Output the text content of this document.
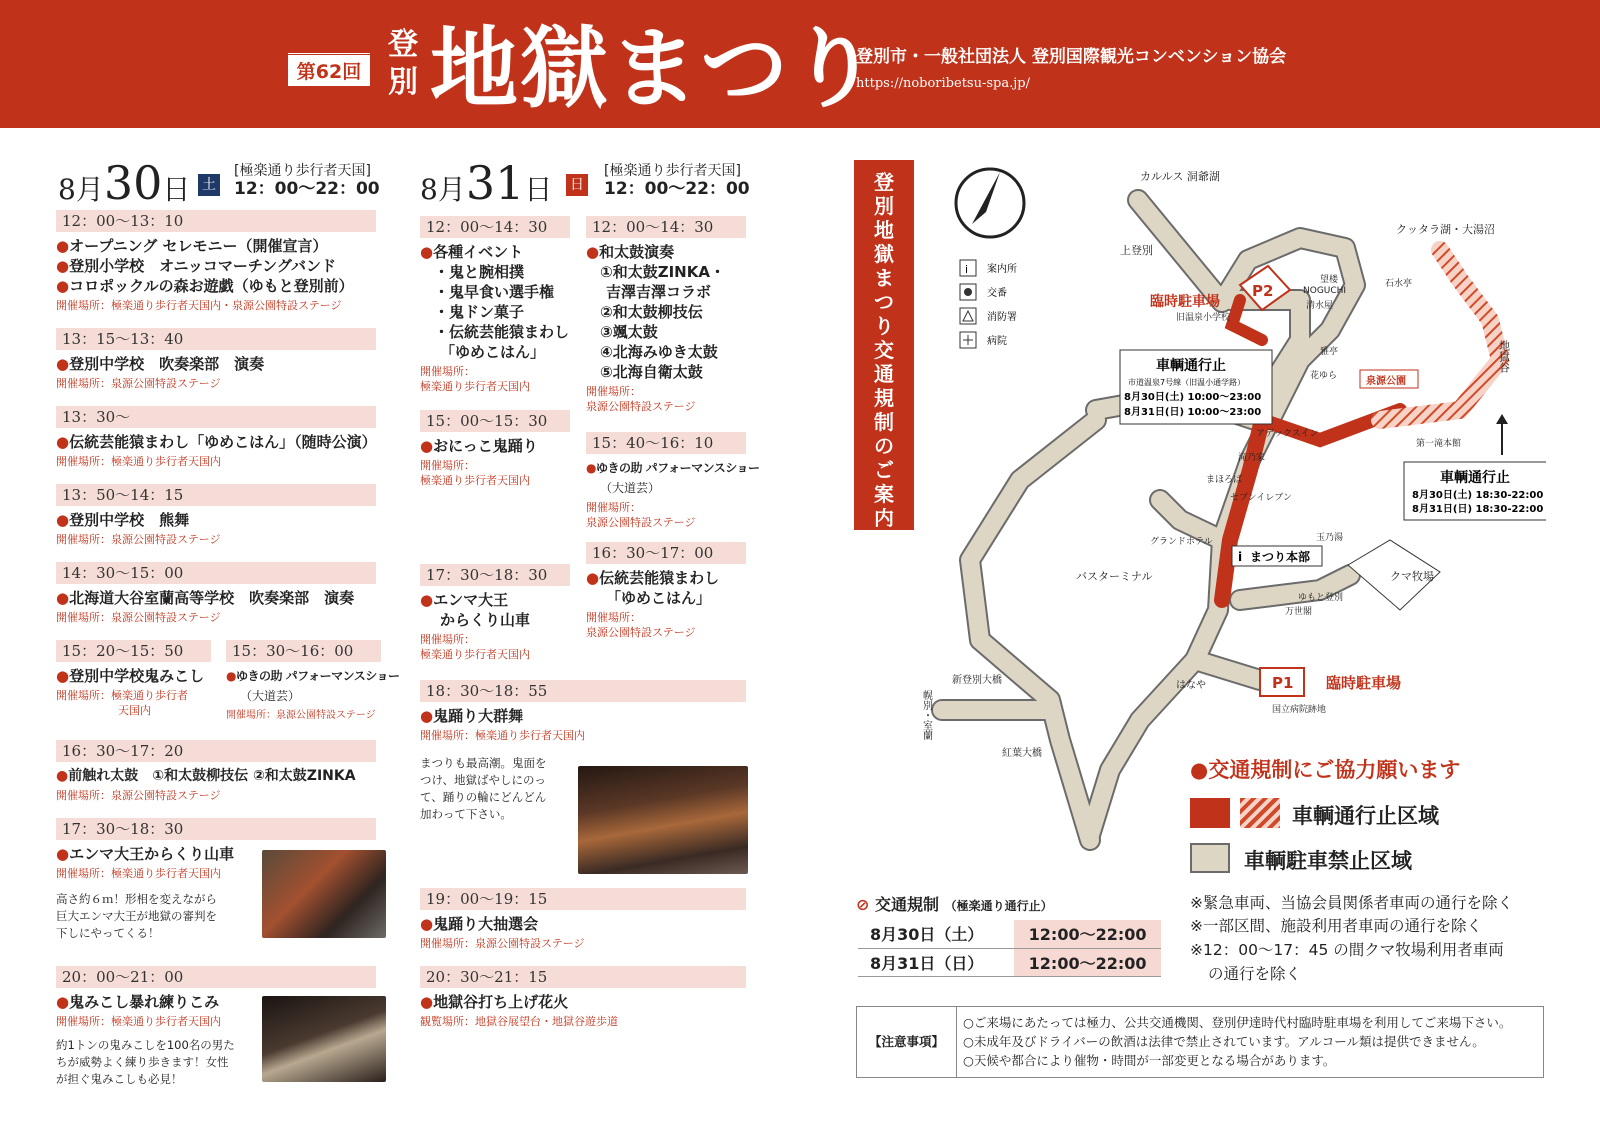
第62回
登別 地獄まつり
登別市・一般社団法人 登別国際観光コンベンション協会
https://noboribetsu-spa.jp/
8月30日 土
[極楽通り歩行者天国]
12：00〜22：00
12：00〜13：10
● オープニング セレモニー（開催宣言）
● 登別小学校　オニッコマーチングバンド
● コロポックルの森お遊戯（ゆもと登別前）
開催場所：極楽通り歩行者天国内・泉源公園特設ステージ
13：15〜13：40
● 登別中学校　吹奏楽部　演奏
開催場所：泉源公園特設ステージ
13：30〜
● 伝統芸能猿まわし「ゆめこはん」（随時公演）
開催場所：極楽通り歩行者天国内
13：50〜14：15
● 登別中学校　熊舞
開催場所：泉源公園特設ステージ
14：30〜15：00
● 北海道大谷室蘭高等学校　吹奏楽部　演奏
開催場所：泉源公園特設ステージ
15：20〜15：50
● 登別中学校鬼みこし
開催場所：極楽通り歩行者
天国内
15：30〜16：00
● ゆきの助 パフォーマンスショー
（大道芸）
開催場所：泉源公園特設ステージ
16：30〜17：20
● 前触れ太鼓　①和太鼓柳技伝 ②和太鼓ZINKA
開催場所：泉源公園特設ステージ
17：30〜18：30
● エンマ大王からくり山車
開催場所：極楽通り歩行者天国内
高さ約６ｍ！形相を変えながら
巨大エンマ大王が地獄の審判を
下しにやってくる！
20：00〜21：00
● 鬼みこし暴れ練りこみ
開催場所：極楽通り歩行者天国内
約1トンの鬼みこしを100名の男た
ちが威勢よく練り歩きます！女性
が担ぐ鬼みこしも必見！
8月31日 日
[極楽通り歩行者天国]
12：00〜22：00
12：00〜14：30
● 各種イベント
・鬼と腕相撲
・鬼早食い選手権
・鬼ドン菓子
・伝統芸能猿まわし
「ゆめこはん」
開催場所：
極楽通り歩行者天国内
15：00〜15：30
● おにっこ鬼踊り
開催場所：
極楽通り歩行者天国内
17：30〜18：30
● エンマ大王
からくり山車
開催場所：
極楽通り歩行者天国内
18：30〜18：55
● 鬼踊り大群舞
開催場所：極楽通り歩行者天国内
まつりも最高潮。鬼面を
つけ、地獄ばやしにのっ
て、踊りの輪にどんどん
加わって下さい。
19：00〜19：15
● 鬼踊り大抽選会
開催場所：泉源公園特設ステージ
20：30〜21：15
● 地獄谷打ち上げ花火
観覧場所：地獄谷展望台・地獄谷遊歩道
12：00〜14：30
● 和太鼓演奏
①和太鼓ZINKA・
吉澤吉澤コラボ
②和太鼓柳技伝
③颯太鼓
④北海みゆき太鼓
⑤北海自衛太鼓
開催場所：
泉源公園特設ステージ
15：40〜16：10
● ゆきの助 パフォーマンスショー
（大道芸）
開催場所：
泉源公園特設ステージ
16：30〜17：00
● 伝統芸能猿まわし
「ゆめこはん」
開催場所：
泉源公園特設ステージ
登別地獄まつり交通規制のご案内
i 案内所
交番
消防署
病院
P2
P1
カルルス 洞爺湖
上登別
クッタラ湖・大湯沼
地獄谷
臨時駐車場
旧温泉小学校
望楼
NOGUCHI
清水屋
石水亭
雅亭
花ゆら
アデックスイン
第一滝本館
滝乃家
まほろば
セブンイレブン
グランドホテル	玉乃湯
バスターミナル	クマ牧場
ゆもと登別
万世閣
新登別大橋
幌別・室蘭
はなや
紅葉大橋
国立病院跡地
臨時駐車場
極楽通り歩行者天国
泉源公園
i まつり本部
車輌通行止
市道温泉7号線（旧温小通学路）
8月30日(土) 10:00〜23:00
8月31日(日) 10:00〜23:00
車輌通行止
8月30日(土) 18:30-22:00
8月31日(日) 18:30-22:00
●交通規制にご協力願います
車輌通行止区域
車輌駐車禁止区域
※緊急車両、当協会員関係者車両の通行を除く
※一部区間、施設利用者車両の通行を除く
※12：00〜17：45 の間クマ牧場利用者車両
の通行を除く
⊘ 交通規制 （極楽通り通行止）
8月30日（土）	12:00〜22:00
8月31日（日）	12:00〜22:00
【注意事項】
○ご来場にあたっては極力、公共交通機関、登別伊達時代村臨時駐車場を利用してご来場下さい。
○未成年及びドライバーの飲酒は法律で禁止されています。アルコール類は提供できません。
○天候や都合により催物・時間が一部変更となる場合があります。
